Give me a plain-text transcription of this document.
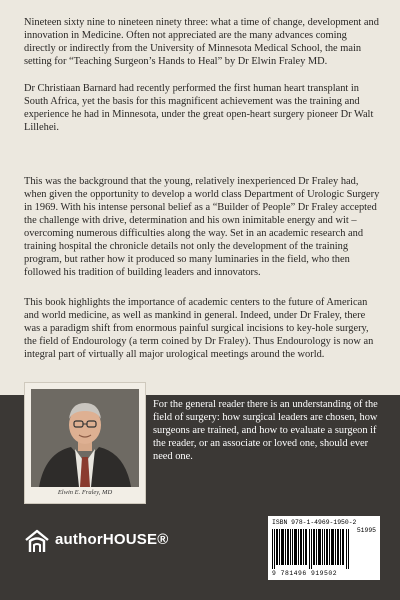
Nineteen sixty nine to nineteen ninety three: what a time of change, development and innovation in Medicine. Often not appreciated are the many advances coming directly or indirectly from the University of Minnesota Medical School, the main setting for “Teaching Surgeon’s Hands to Heal” by Dr Elwin Fraley MD.

Dr Christiaan Barnard had recently performed the first human heart transplant in South Africa, yet the basis for this magnificent achievement was the training and experience he had in Minnesota, under the great open-heart surgery pioneer Dr Walt Lillehei.

This was the background that the young, relatively inexperienced Dr Fraley had, when given the opportunity to develop a world class Department of Urologic Surgery in 1969. With his intense personal belief as a “Builder of People” Dr Fraley accepted the challenge with drive, determination and his own inimitable energy and wit – overcoming numerous difficulties along the way. Set in an academic research and training hospital the chronicle details not only the development of the training program, but rather how it produced so many luminaries in the field, who then followed his tradition of building leaders and innovators.

This book highlights the importance of academic centers to the future of American and world medicine, as well as mankind in general. Indeed, under Dr Fraley, there was a paradigm shift from enormous painful surgical incisions to key-hole surgery, the field of Endourology (a term coined by Dr Fraley). Thus Endourology is now an integral part of virtually all major urological meetings around the world.

For the general reader there is an understanding of the field of surgery: how surgical leaders are chosen, how surgeons are trained, and how to evaluate a surgeon if the reader, or an associate or loved one, should ever need one.

Elwin E. Fraley, MD
authorHOUSE®
ISBN 978-1-4969-1950-2
51995
9 781496 919502
